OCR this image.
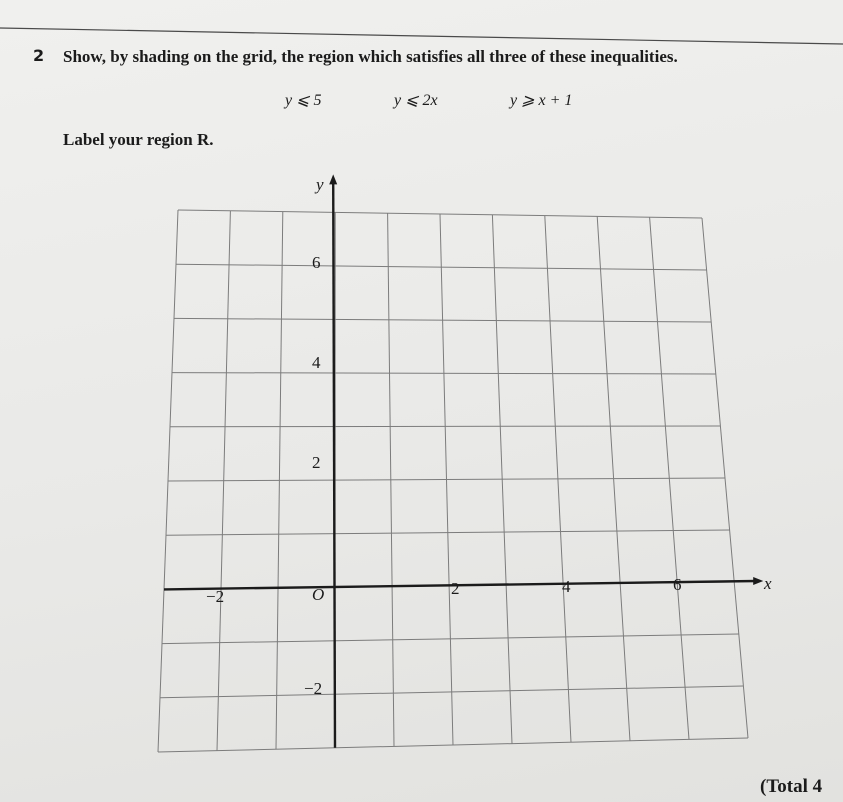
2 Show, by shading on the grid, the region which satisfies all three of these inequalities.
y ⩽ 5	y ⩽ 2x	y ⩾ x + 1
Label your region R.
y
x
O
−2	2	4	6
6
4
2
−2
(Total 4
